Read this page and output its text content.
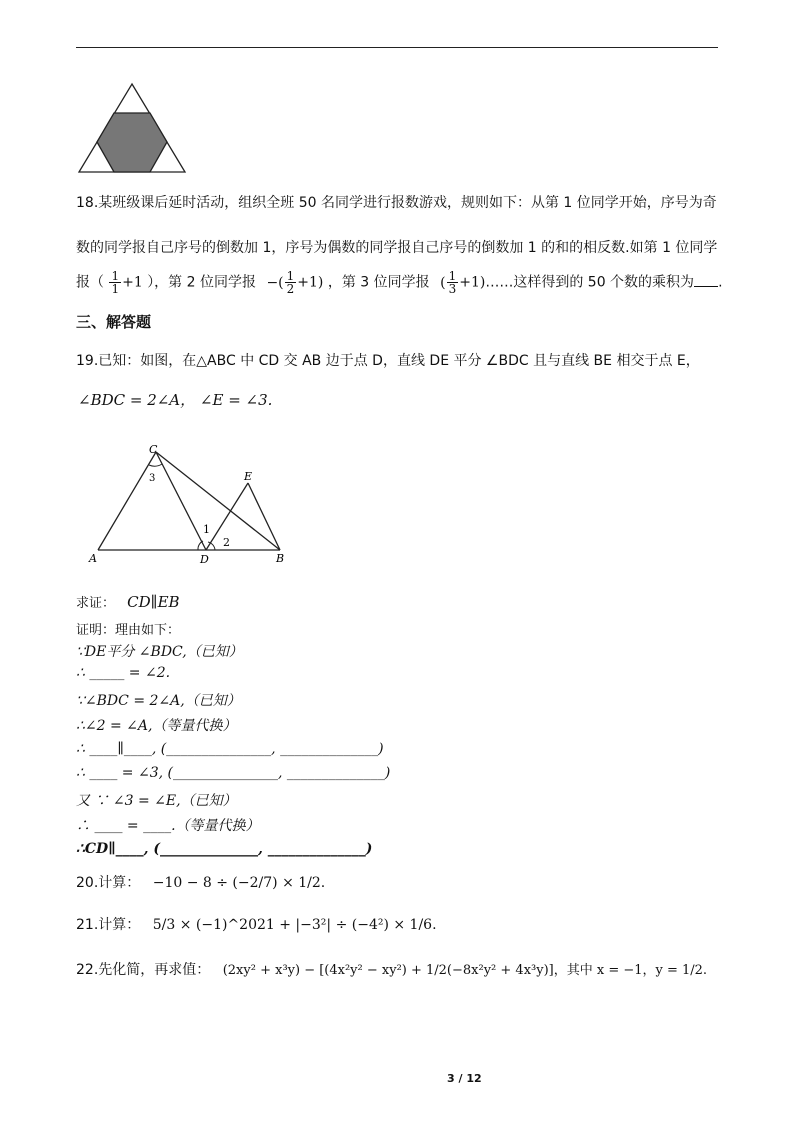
18.某班级课后延时活动，组织全班 50 名同学进行报数游戏，规则如下：从第 1 位同学开始，序号为奇
数的同学报自己序号的倒数加 1，序号为偶数的同学报自己序号的倒数加 1 的和的相反数.如第 1 位同学
报（ $\frac{1}{1} +1$ ），第 2 位同学报 −( $\frac{1}{2} +1$) ，第 3 位同学报 ( $\frac{1}{3}$ +1)……这样得到的 50 个数的乘积为 .
三、解答题
19.已知：如图，在△ABC 中 CD 交 AB 边于点 D，直线 DE 平分 ∠BDC 且与直线 BE 相交于点 E，
∠BDC = 2∠A， ∠E = ∠3.
C
E
A	D	B
1
2
3
求证： CD∥EB
证明：理由如下：
∵DE平分 ∠BDC,（已知）
∴ _____ = ∠2.
∵∠BDC = 2∠A,（已知）
∴∠2 = ∠A,（等量代换）
∴ ____∥____, (_______________, ______________)
∴ ____ = ∠3, (_______________, ______________)
又 ∵ ∠3 = ∠E,（已知）
∴ ____ = ____.（等量代换）
∴CD∥____, (______________, ______________)
20.计算： −10 − 8 ÷ (−2/7) × 1/2.
21.计算： 5/3 × (−1)^2021 + |−3²| ÷ (−4²) × 1/6.
22.先化简，再求值： (2xy² + x³y) − [(4x²y² − xy²) + 1/2(−8x²y² + 4x³y)]，其中 x = −1，y = 1/2.
3 / 12
